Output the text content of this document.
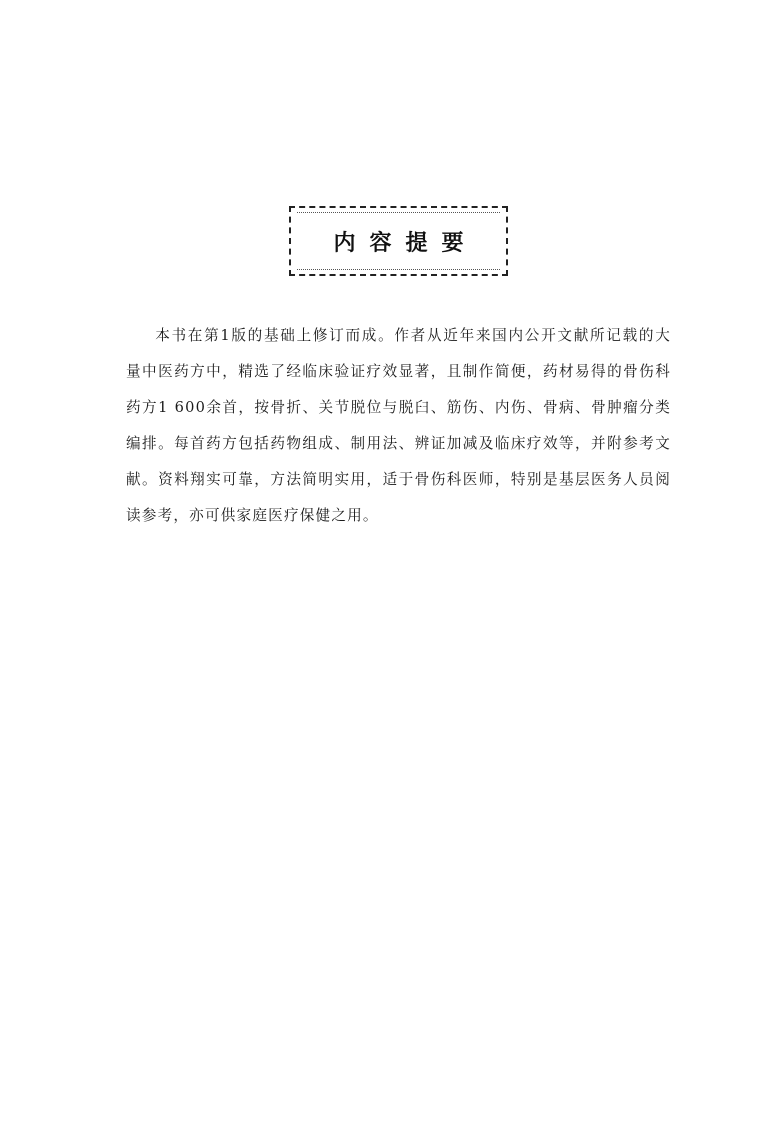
内容提要

本书在第1版的基础上修订而成。作者从近年来国内公开文献所记载的大量中医药方中，精选了经临床验证疗效显著，且制作简便，药材易得的骨伤科药方1 600余首，按骨折、关节脱位与脱臼、筋伤、内伤、骨病、骨肿瘤分类编排。每首药方包括药物组成、制用法、辨证加减及临床疗效等，并附参考文献。资料翔实可靠，方法简明实用，适于骨伤科医师，特别是基层医务人员阅读参考，亦可供家庭医疗保健之用。
